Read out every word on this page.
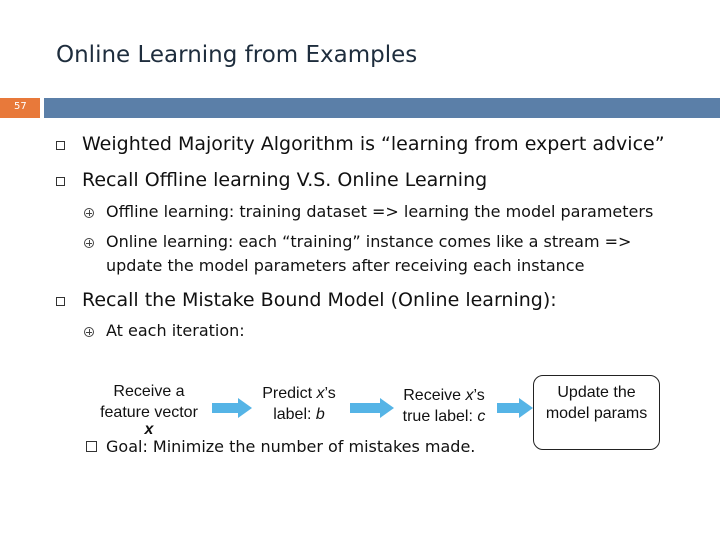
Online Learning from Examples
57
Weighted Majority Algorithm is “learning from expert advice”
Recall Offline learning V.S. Online Learning
Offline learning: training dataset => learning the model parameters
Online learning: each “training” instance comes like a stream =>
update the model parameters after receiving each instance
Recall the Mistake Bound Model (Online learning):
At each iteration:
Receive a
feature vector
x
Predict x’s
label: b
Receive x’s
true label: c
Update the
model params
Goal: Minimize the number of mistakes made.
